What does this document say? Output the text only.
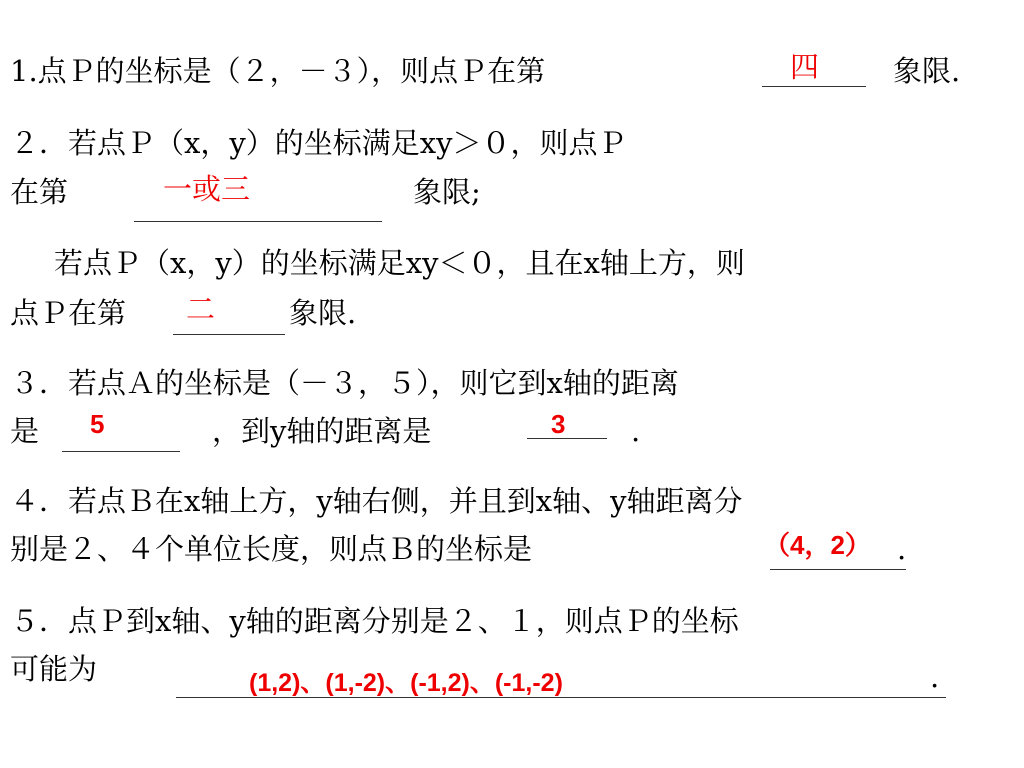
1.点Ｐ的坐标是（２，－３），则点Ｐ在第	四	象限.
２．若点Ｐ（x，y）的坐标满足xy＞０，则点Ｐ
在第	一或三	象限;
若点Ｐ（x，y）的坐标满足xy＜０，且在x轴上方，则
点Ｐ在第 二	象限.
３．若点Ａ的坐标是（－３，５），则它到x轴的距离
是 5	，到y轴的距离是	3 .
４．若点Ｂ在x轴上方，y轴右侧，并且到x轴、y轴距离分
别是２、４个单位长度，则点Ｂ的坐标是	（4，2） .
５．点Ｐ到x轴、y轴的距离分别是２、１，则点Ｐ的坐标
可能为	(1,2)、(1,-2)、(-1,2)、(-1,-2)	.
